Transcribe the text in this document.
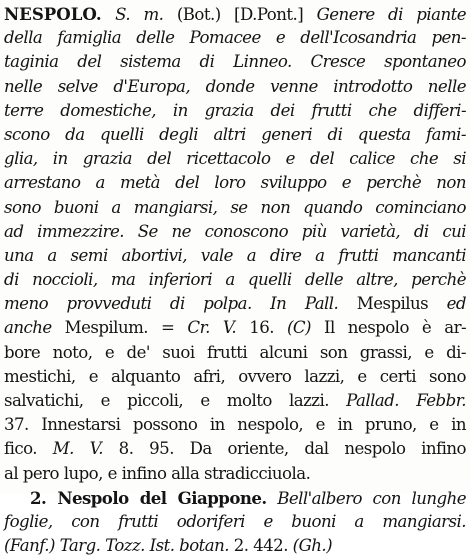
NESPOLO. S. m. (Bot.) [D.Pont.] Genere di piante
della famiglia delle Pomacee e dell'Icosandria pen-
taginia del sistema di Linneo. Cresce spontaneo
nelle selve d'Europa, donde venne introdotto nelle
terre domestiche, in grazia dei frutti che differi-
scono da quelli degli altri generi di questa fami-
glia, in grazia del ricettacolo e del calice che si
arrestano a metà del loro sviluppo e perchè non
sono buoni a mangiarsi, se non quando cominciano
ad immezzire. Se ne conoscono più varietà, di cui
una a semi abortivi, vale a dire a frutti mancanti
di noccioli, ma inferiori a quelli delle altre, perchè
meno provveduti di polpa. In Pall. Mespilus ed
anche Mespilum. = Cr. V. 16. (C) Il nespolo è ar-
bore noto, e de' suoi frutti alcuni son grassi, e di-
mestichi, e alquanto afri, ovvero lazzi, e certi sono
salvatichi, e piccoli, e molto lazzi. Pallad. Febbr.
37. Innestarsi possono in nespolo, e in pruno, e in
fico. M. V. 8. 95. Da oriente, dal nespolo infino
al pero lupo, e infino alla stradicciuola.
2. Nespolo del Giappone. Bell'albero con lunghe
foglie, con frutti odoriferi e buoni a mangiarsi.
(Fanf.) Targ. Tozz. Ist. botan. 2. 442. (Gh.)
